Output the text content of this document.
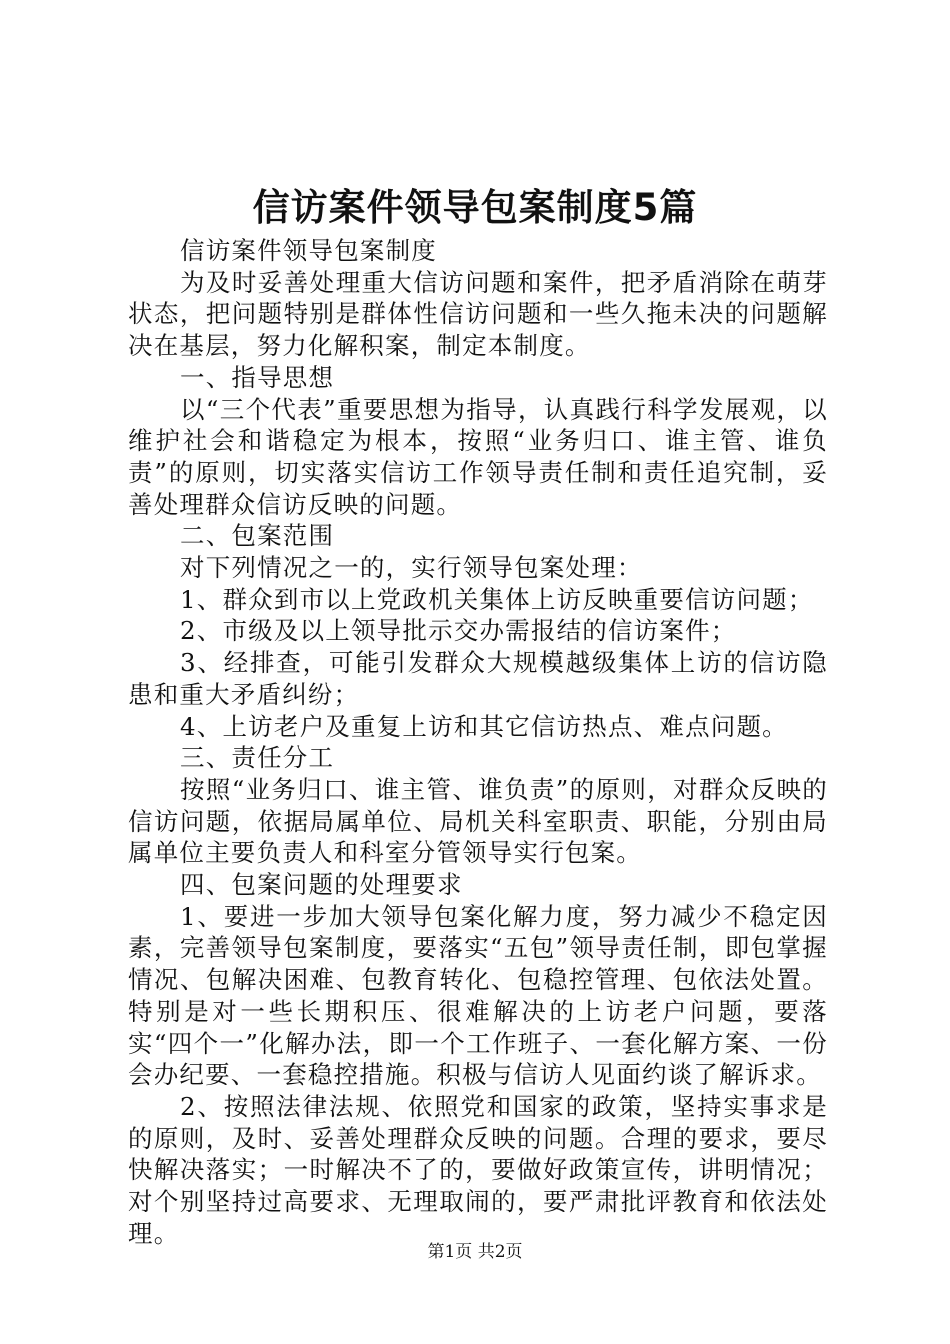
信访案件领导包案制度5篇

信访案件领导包案制度

为及时妥善处理重大信访问题和案件，把矛盾消除在萌芽状态，把问题特别是群体性信访问题和一些久拖未决的问题解决在基层，努力化解积案，制定本制度。

一、指导思想

以“三个代表”重要思想为指导，认真践行科学发展观，以维护社会和谐稳定为根本，按照“业务归口、谁主管、谁负责”的原则，切实落实信访工作领导责任制和责任追究制，妥善处理群众信访反映的问题。

二、包案范围

对下列情况之一的，实行领导包案处理：

1、群众到市以上党政机关集体上访反映重要信访问题；

2、市级及以上领导批示交办需报结的信访案件；

3、经排查，可能引发群众大规模越级集体上访的信访隐患和重大矛盾纠纷；

4、上访老户及重复上访和其它信访热点、难点问题。

三、责任分工

按照“业务归口、谁主管、谁负责”的原则，对群众反映的信访问题，依据局属单位、局机关科室职责、职能，分别由局属单位主要负责人和科室分管领导实行包案。

四、包案问题的处理要求

1、要进一步加大领导包案化解力度，努力减少不稳定因素，完善领导包案制度，要落实“五包”领导责任制，即包掌握情况、包解决困难、包教育转化、包稳控管理、包依法处置。特别是对一些长期积压、很难解决的上访老户问题，要落实“四个一”化解办法，即一个工作班子、一套化解方案、一份会办纪要、一套稳控措施。积极与信访人见面约谈了解诉求。

2、按照法律法规、依照党和国家的政策，坚持实事求是的原则，及时、妥善处理群众反映的问题。合理的要求，要尽快解决落实；一时解决不了的，要做好政策宣传，讲明情况；对个别坚持过高要求、无理取闹的，要严肃批评教育和依法处理。

第1页 共2页
